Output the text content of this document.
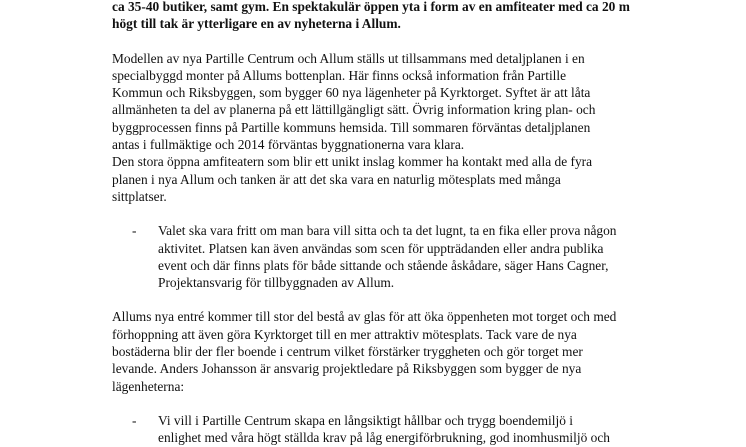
ca 35-40 butiker, samt gym. En spektakulär öppen yta i form av en amfiteater med ca 20 m

högt till tak är ytterligare en av nyheterna i Allum.

Modellen av nya Partille Centrum och Allum ställs ut tillsammans med detaljplanen i en

specialbyggd monter på Allums bottenplan. Här finns också information från Partille

Kommun och Riksbyggen, som bygger 60 nya lägenheter på Kyrktorget. Syftet är att låta

allmänheten ta del av planerna på ett lättillgängligt sätt. Övrig information kring plan- och

byggprocessen finns på Partille kommuns hemsida. Till sommaren förväntas detaljplanen

antas i fullmäktige och 2014 förväntas byggnationerna vara klara.

Den stora öppna amfiteatern som blir ett unikt inslag kommer ha kontakt med alla de fyra

planen i nya Allum och tanken är att det ska vara en naturlig mötesplats med många

sittplatser.

- Valet ska vara fritt om man bara vill sitta och ta det lugnt, ta en fika eller prova någon

aktivitet. Platsen kan även användas som scen för uppträdanden eller andra publika

event och där finns plats för både sittande och stående åskådare, säger Hans Cagner,

Projektansvarig för tillbyggnaden av Allum.

Allums nya entré kommer till stor del bestå av glas för att öka öppenheten mot torget och med

förhoppning att även göra Kyrktorget till en mer attraktiv mötesplats. Tack vare de nya

bostäderna blir der fler boende i centrum vilket förstärker tryggheten och gör torget mer

levande. Anders Johansson är ansvarig projektledare på Riksbyggen som bygger de nya

lägenheterna:

- Vi vill i Partille Centrum skapa en långsiktigt hållbar och trygg boendemiljö i

enlighet med våra högt ställda krav på låg energiförbrukning, god inomhusmiljö och
